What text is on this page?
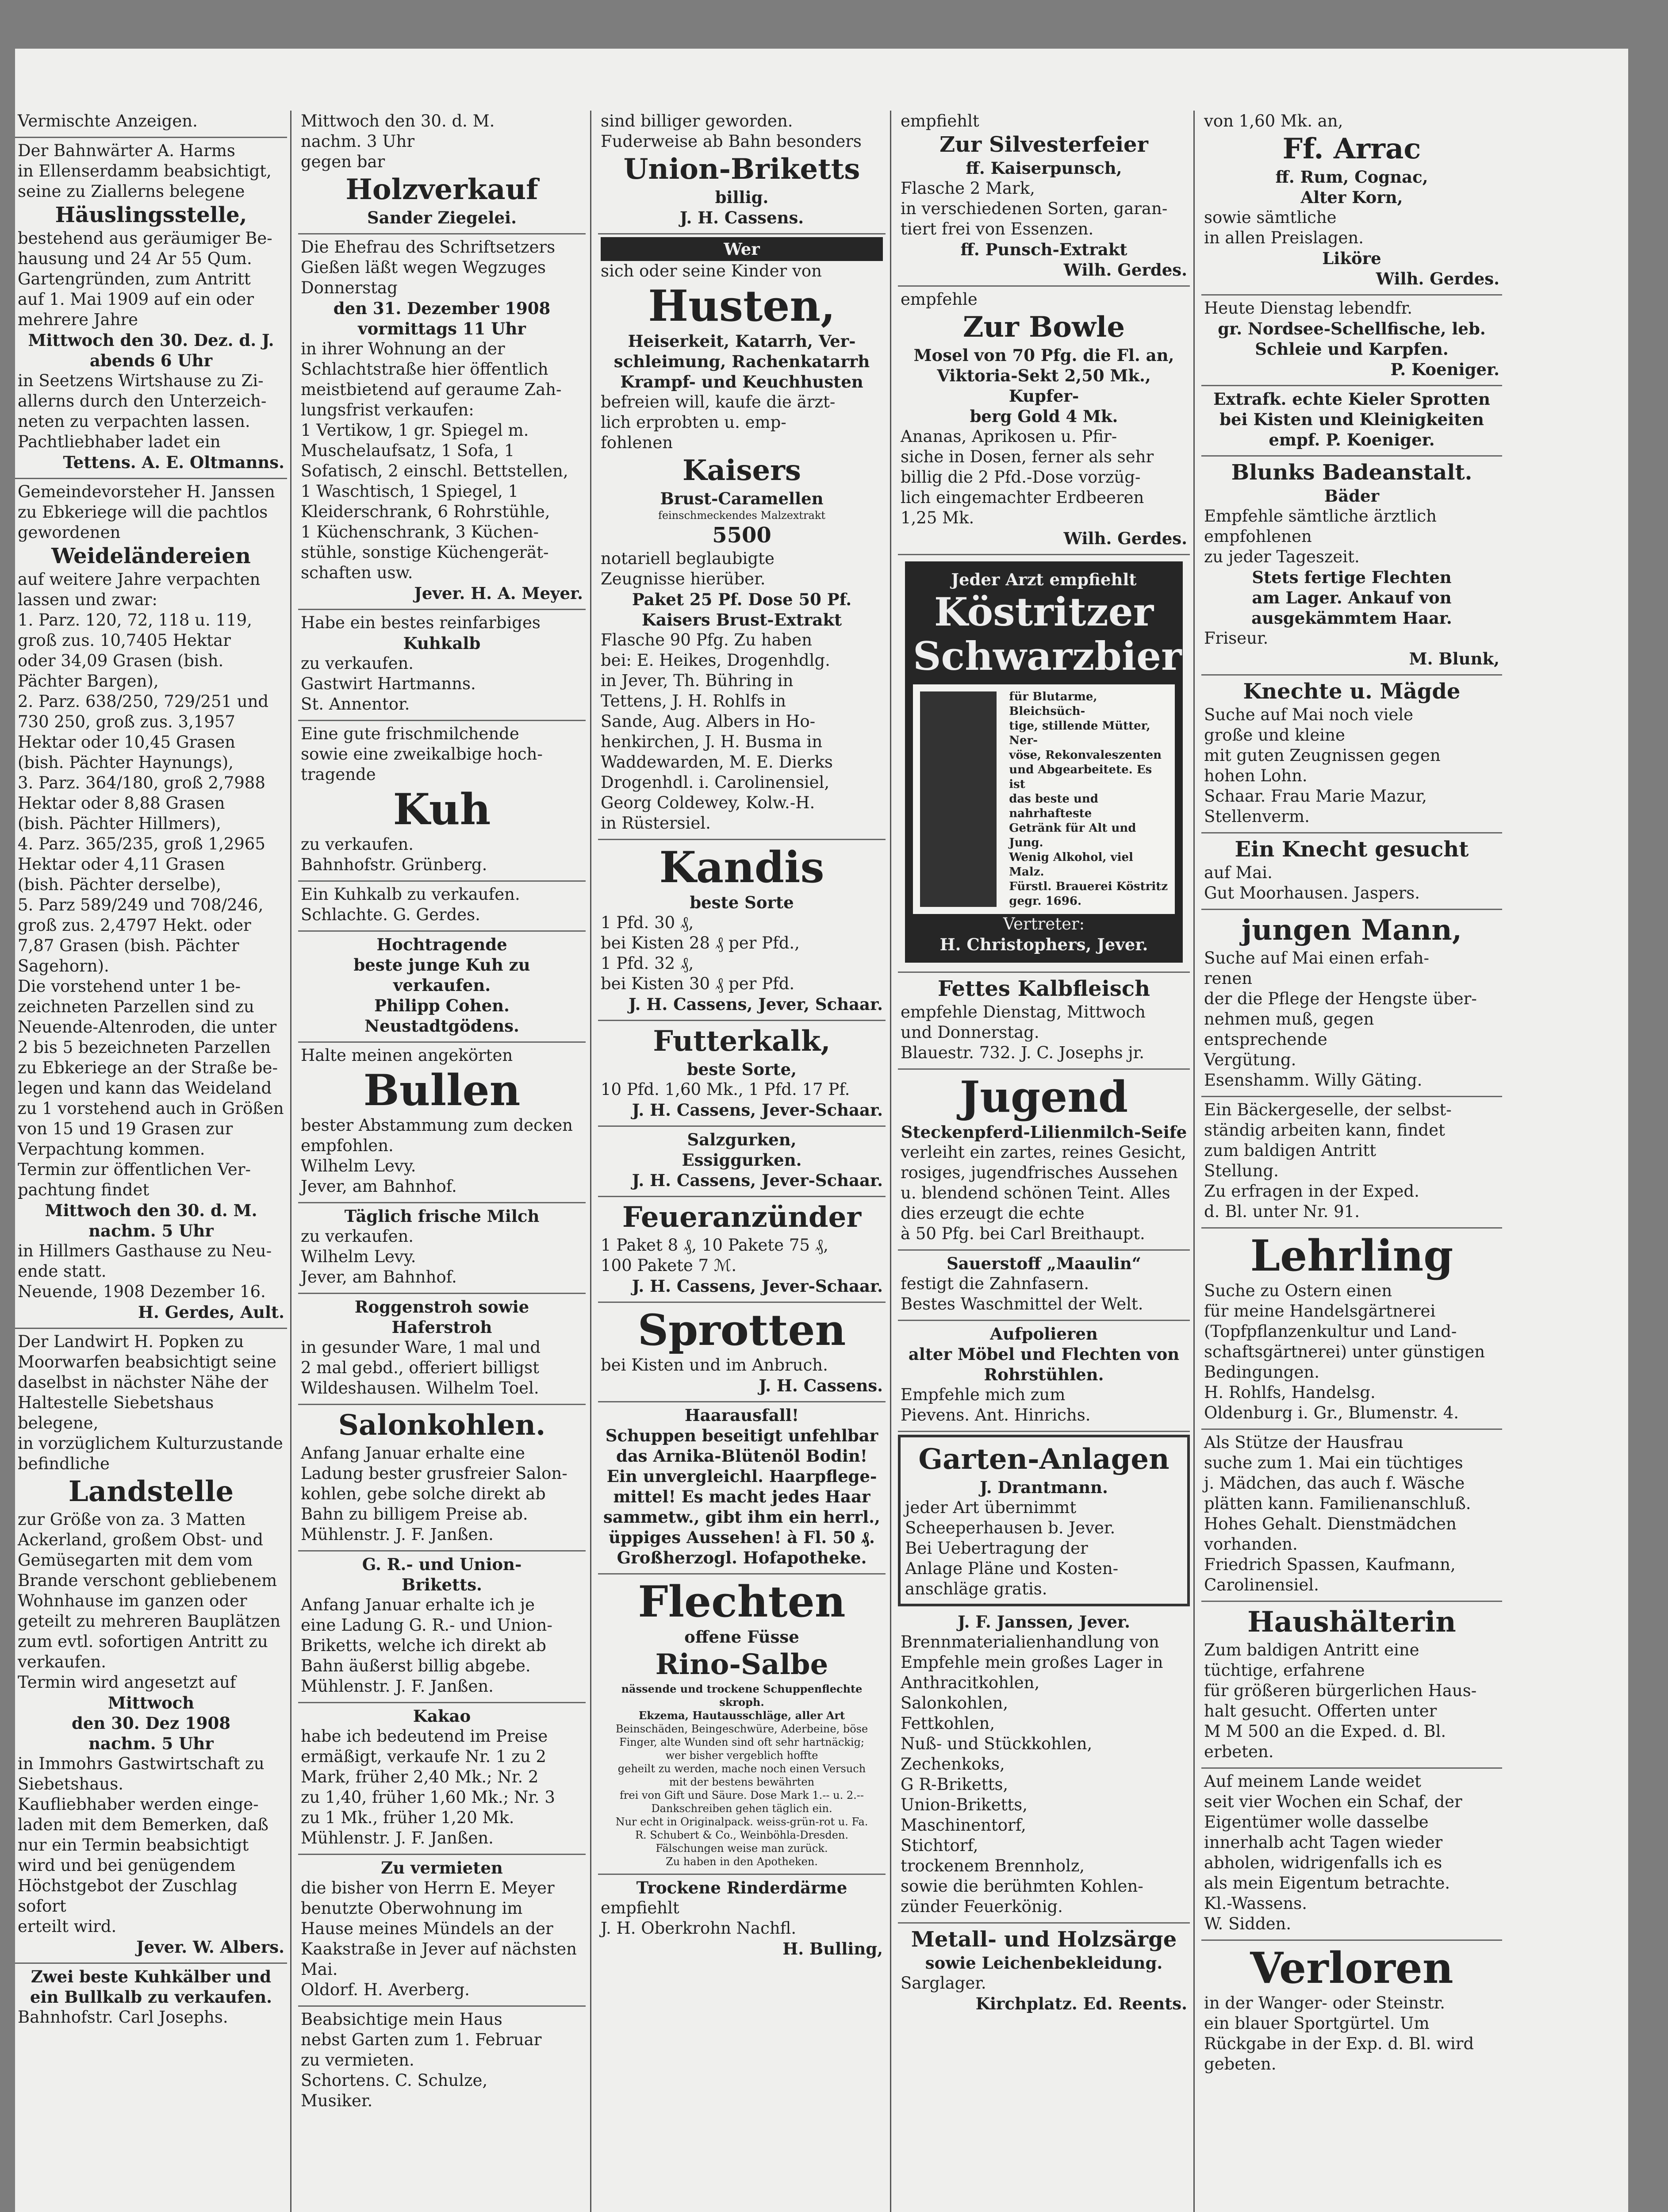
Vermischte Anzeigen.
Der Bahnwärter A. Harms
in Ellenserdamm beabsichtigt,
seine zu Ziallerns belegene
Häuslingsstelle,
bestehend aus geräumiger Be-
hausung und 24 Ar 55 Qum.
Gartengründen, zum Antritt
auf 1. Mai 1909 auf ein oder
mehrere Jahre
Mittwoch den 30. Dez. d. J.
abends 6 Uhr
in Seetzens Wirtshause zu Zi-
allerns durch den Unterzeich-
neten zu verpachten lassen.
Pachtliebhaber ladet ein
Tettens. A. E. Oltmanns.
Gemeindevorsteher H. Janssen
zu Ebkeriege will die pachtlos
gewordenen
Weideländereien
auf weitere Jahre verpachten
lassen und zwar:
1. Parz. 120, 72, 118 u. 119,
groß zus. 10,7405 Hektar
oder 34,09 Grasen (bish.
Pächter Bargen),
2. Parz. 638/250, 729/251 und
730 250, groß zus. 3,1957
Hektar oder 10,45 Grasen
(bish. Pächter Haynungs),
3. Parz. 364/180, groß 2,7988
Hektar oder 8,88 Grasen
(bish. Pächter Hillmers),
4. Parz. 365/235, groß 1,2965
Hektar oder 4,11 Grasen
(bish. Pächter derselbe),
5. Parz 589/249 und 708/246,
groß zus. 2,4797 Hekt. oder
7,87 Grasen (bish. Pächter
Sagehorn).
Die vorstehend unter 1 be-
zeichneten Parzellen sind zu
Neuende-Altenroden, die unter
2 bis 5 bezeichneten Parzellen
zu Ebkeriege an der Straße be-
legen und kann das Weideland
zu 1 vorstehend auch in Größen
von 15 und 19 Grasen zur
Verpachtung kommen.
Termin zur öffentlichen Ver-
pachtung findet
Mittwoch den 30. d. M.
nachm. 5 Uhr
in Hillmers Gasthause zu Neu-
ende statt.
Neuende, 1908 Dezember 16.
H. Gerdes, Ault.
Der Landwirt H. Popken zu
Moorwarfen beabsichtigt seine
daselbst in nächster Nähe der
Haltestelle Siebetshaus belegene,
in vorzüglichem Kulturzustande
befindliche
Landstelle
zur Größe von za. 3 Matten
Ackerland, großem Obst- und
Gemüsegarten mit dem vom
Brande verschont gebliebenem
Wohnhause im ganzen oder
geteilt zu mehreren Bauplätzen
zum evtl. sofortigen Antritt zu
verkaufen.
Termin wird angesetzt auf
Mittwoch
den 30. Dez 1908
nachm. 5 Uhr
in Immohrs Gastwirtschaft zu
Siebetshaus.
Kaufliebhaber werden einge-
laden mit dem Bemerken, daß
nur ein Termin beabsichtigt
wird und bei genügendem
Höchstgebot der Zuschlag sofort
erteilt wird.
Jever. W. Albers.
Zwei beste Kuhkälber und
ein Bullkalb zu verkaufen.
Bahnhofstr. Carl Josephs.
Mittwoch den 30. d. M.
nachm. 3 Uhr
gegen bar
Holzverkauf
Sander Ziegelei.
Die Ehefrau des Schriftsetzers
Gießen läßt wegen Wegzuges
Donnerstag
den 31. Dezember 1908
vormittags 11 Uhr
in ihrer Wohnung an der
Schlachtstraße hier öffentlich
meistbietend auf geraume Zah-
lungsfrist verkaufen:
1 Vertikow, 1 gr. Spiegel m.
Muschelaufsatz, 1 Sofa, 1
Sofatisch, 2 einschl. Bettstellen,
1 Waschtisch, 1 Spiegel, 1
Kleiderschrank, 6 Rohrstühle,
1 Küchenschrank, 3 Küchen-
stühle, sonstige Küchengerät-
schaften usw.
Jever. H. A. Meyer.
Habe ein bestes reinfarbiges
Kuhkalb
zu verkaufen.
Gastwirt Hartmanns.
St. Annentor.
Eine gute frischmilchende
sowie eine zweikalbige hoch-
tragende
Kuh
zu verkaufen.
Bahnhofstr. Grünberg.
Ein Kuhkalb zu verkaufen.
Schlachte. G. Gerdes.
Hochtragende
beste junge Kuh zu
verkaufen.
Philipp Cohen.
Neustadtgödens.
Halte meinen angekörten
Bullen
bester Abstammung zum decken
empfohlen.
Wilhelm Levy.
Jever, am Bahnhof.
Täglich frische Milch
zu verkaufen.
Wilhelm Levy.
Jever, am Bahnhof.
Roggenstroh sowie
Haferstroh
in gesunder Ware, 1 mal und
2 mal gebd., offeriert billigst
Wildeshausen. Wilhelm Toel.
Salonkohlen.
Anfang Januar erhalte eine
Ladung bester grusfreier Salon-
kohlen, gebe solche direkt ab
Bahn zu billigem Preise ab.
Mühlenstr. J. F. Janßen.
G. R.- und Union-
Briketts.
Anfang Januar erhalte ich je
eine Ladung G. R.- und Union-
Briketts, welche ich direkt ab
Bahn äußerst billig abgebe.
Mühlenstr. J. F. Janßen.
Kakao
habe ich bedeutend im Preise
ermäßigt, verkaufe Nr. 1 zu 2
Mark, früher 2,40 Mk.; Nr. 2
zu 1,40, früher 1,60 Mk.; Nr. 3
zu 1 Mk., früher 1,20 Mk.
Mühlenstr. J. F. Janßen.
Zu vermieten
die bisher von Herrn E. Meyer
benutzte Oberwohnung im
Hause meines Mündels an der
Kaakstraße in Jever auf nächsten
Mai.
Oldorf. H. Averberg.
Beabsichtige mein Haus
nebst Garten zum 1. Februar
zu vermieten.
Schortens. C. Schulze,
Musiker.
sind billiger geworden.
Fuderweise ab Bahn besonders
Union-Briketts
billig.
J. H. Cassens.
Wer
sich oder seine Kinder von
Husten,
Heiserkeit, Katarrh, Ver-
schleimung, Rachenkatarrh
Krampf- und Keuchhusten
befreien will, kaufe die ärzt-
lich erprobten u. emp-
fohlenen
Kaisers
Brust-Caramellen
feinschmeckendes Malzextrakt
5500
notariell beglaubigte
Zeugnisse hierüber.
Paket 25 Pf. Dose 50 Pf.
Kaisers Brust-Extrakt
Flasche 90 Pfg. Zu haben
bei: E. Heikes, Drogenhdlg.
in Jever, Th. Bühring in
Tettens, J. H. Rohlfs in
Sande, Aug. Albers in Ho-
henkirchen, J. H. Busma in
Waddewarden, M. E. Dierks
Drogenhdl. i. Carolinensiel,
Georg Coldewey, Kolw.-H.
in Rüstersiel.
Kandis
beste Sorte
1 Pfd. 30 ₰,
bei Kisten 28 ₰ per Pfd.,
1 Pfd. 32 ₰,
bei Kisten 30 ₰ per Pfd.
J. H. Cassens, Jever, Schaar.
Futterkalk,
beste Sorte,
10 Pfd. 1,60 Mk., 1 Pfd. 17 Pf.
J. H. Cassens, Jever-Schaar.
Salzgurken,
Essiggurken.
J. H. Cassens, Jever-Schaar.
Feueranzünder
1 Paket 8 ₰, 10 Pakete 75 ₰,
100 Pakete 7 ℳ.
J. H. Cassens, Jever-Schaar.
Sprotten
bei Kisten und im Anbruch.
J. H. Cassens.
Haarausfall!
Schuppen beseitigt unfehlbar
das Arnika-Blütenöl Bodin!
Ein unvergleichl. Haarpflege-
mittel! Es macht jedes Haar
sammetw., gibt ihm ein herrl.,
üppiges Aussehen! à Fl. 50 ₰.
Großherzogl. Hofapotheke.
Flechten
offene Füsse
Rino-Salbe
nässende und trockene Schuppenflechte skroph.
Ekzema, Hautausschläge, aller Art
Beinschäden, Beingeschwüre, Aderbeine, böse
Finger, alte Wunden sind oft sehr hartnäckig;
wer bisher vergeblich hoffte
geheilt zu werden, mache noch einen Versuch
mit der bestens bewährten
frei von Gift und Säure. Dose Mark 1.-- u. 2.--
Dankschreiben gehen täglich ein.
Nur echt in Originalpack. weiss-grün-rot u. Fa.
R. Schubert & Co., Weinböhla-Dresden.
Fälschungen weise man zurück.
Zu haben in den Apotheken.
Trockene Rinderdärme
empfiehlt
J. H. Oberkrohn Nachfl.
H. Bulling,
empfiehlt
Zur Silvesterfeier
ff. Kaiserpunsch,
Flasche 2 Mark,
in verschiedenen Sorten, garan-
tiert frei von Essenzen.
ff. Punsch-Extrakt
Wilh. Gerdes.
empfehle
Zur Bowle
Mosel von 70 Pfg. die Fl. an,
Viktoria-Sekt 2,50 Mk., Kupfer-
berg Gold 4 Mk.
Ananas, Aprikosen u. Pfir-
siche in Dosen, ferner als sehr
billig die 2 Pfd.-Dose vorzüg-
lich eingemachter Erdbeeren
1,25 Mk.
Wilh. Gerdes.
Jeder Arzt empfiehlt
Köstritzer
Schwarzbier
für Blutarme, Bleichsüch-
tige, stillende Mütter, Ner-
vöse, Rekonvaleszenten
und Abgearbeitete. Es ist
das beste und nahrhafteste
Getränk für Alt und Jung.
Wenig Alkohol, viel Malz.
Fürstl. Brauerei Köstritz
gegr. 1696.
Vertreter:
H. Christophers, Jever.
Fettes Kalbfleisch
empfehle Dienstag, Mittwoch
und Donnerstag.
Blauestr. 732. J. C. Josephs jr.
Jugend
Steckenpferd-Lilienmilch-Seife
verleiht ein zartes, reines Gesicht,
rosiges, jugendfrisches Aussehen
u. blendend schönen Teint. Alles
dies erzeugt die echte
à 50 Pfg. bei Carl Breithaupt.
Sauerstoff „Maaulin“
festigt die Zahnfasern.
Bestes Waschmittel der Welt.
Aufpolieren
alter Möbel und Flechten von
Rohrstühlen.
Empfehle mich zum
Pievens. Ant. Hinrichs.
Garten-Anlagen
J. Drantmann.
jeder Art übernimmt
Scheeperhausen b. Jever.
Bei Uebertragung der
Anlage Pläne und Kosten-
anschläge gratis.
J. F. Janssen, Jever.
Brennmaterialienhandlung von
Empfehle mein großes Lager in
Anthracitkohlen,
Salonkohlen,
Fettkohlen,
Nuß- und Stückkohlen,
Zechenkoks,
G R-Briketts,
Union-Briketts,
Maschinentorf,
Stichtorf,
trockenem Brennholz,
sowie die berühmten Kohlen-
zünder Feuerkönig.
Metall- und Holzsärge
sowie Leichenbekleidung.
Sarglager.
Kirchplatz. Ed. Reents.
von 1,60 Mk. an,
Ff. Arrac
ff. Rum, Cognac,
Alter Korn,
sowie sämtliche
in allen Preislagen.
Liköre
Wilh. Gerdes.
Heute Dienstag lebendfr.
gr. Nordsee-Schellfische, leb.
Schleie und Karpfen.
P. Koeniger.
Extrafk. echte Kieler Sprotten
bei Kisten und Kleinigkeiten
empf. P. Koeniger.
Blunks Badeanstalt.
Bäder
Empfehle sämtliche ärztlich
empfohlenen
zu jeder Tageszeit.
Stets fertige Flechten
am Lager. Ankauf von
ausgekämmtem Haar.
Friseur.
M. Blunk,
Knechte u. Mägde
Suche auf Mai noch viele
große und kleine
mit guten Zeugnissen gegen
hohen Lohn.
Schaar. Frau Marie Mazur,
Stellenverm.
Ein Knecht gesucht
auf Mai.
Gut Moorhausen. Jaspers.
jungen Mann,
Suche auf Mai einen erfah-
renen
der die Pflege der Hengste über-
nehmen muß, gegen entsprechende
Vergütung.
Esenshamm. Willy Gäting.
Ein Bäckergeselle, der selbst-
ständig arbeiten kann, findet
zum baldigen Antritt
Stellung.
Zu erfragen in der Exped.
d. Bl. unter Nr. 91.
Lehrling
Suche zu Ostern einen
für meine Handelsgärtnerei
(Topfpflanzenkultur und Land-
schaftsgärtnerei) unter günstigen
Bedingungen.
H. Rohlfs, Handelsg.
Oldenburg i. Gr., Blumenstr. 4.
Als Stütze der Hausfrau
suche zum 1. Mai ein tüchtiges
j. Mädchen, das auch f. Wäsche
plätten kann. Familienanschluß.
Hohes Gehalt. Dienstmädchen
vorhanden.
Friedrich Spassen, Kaufmann,
Carolinensiel.
Haushälterin
Zum baldigen Antritt eine
tüchtige, erfahrene
für größeren bürgerlichen Haus-
halt gesucht. Offerten unter
M M 500 an die Exped. d. Bl.
erbeten.
Auf meinem Lande weidet
seit vier Wochen ein Schaf, der
Eigentümer wolle dasselbe
innerhalb acht Tagen wieder
abholen, widrigenfalls ich es
als mein Eigentum betrachte.
Kl.-Wassens.
W. Sidden.
Verloren
in der Wanger- oder Steinstr.
ein blauer Sportgürtel. Um
Rückgabe in der Exp. d. Bl. wird
gebeten.
